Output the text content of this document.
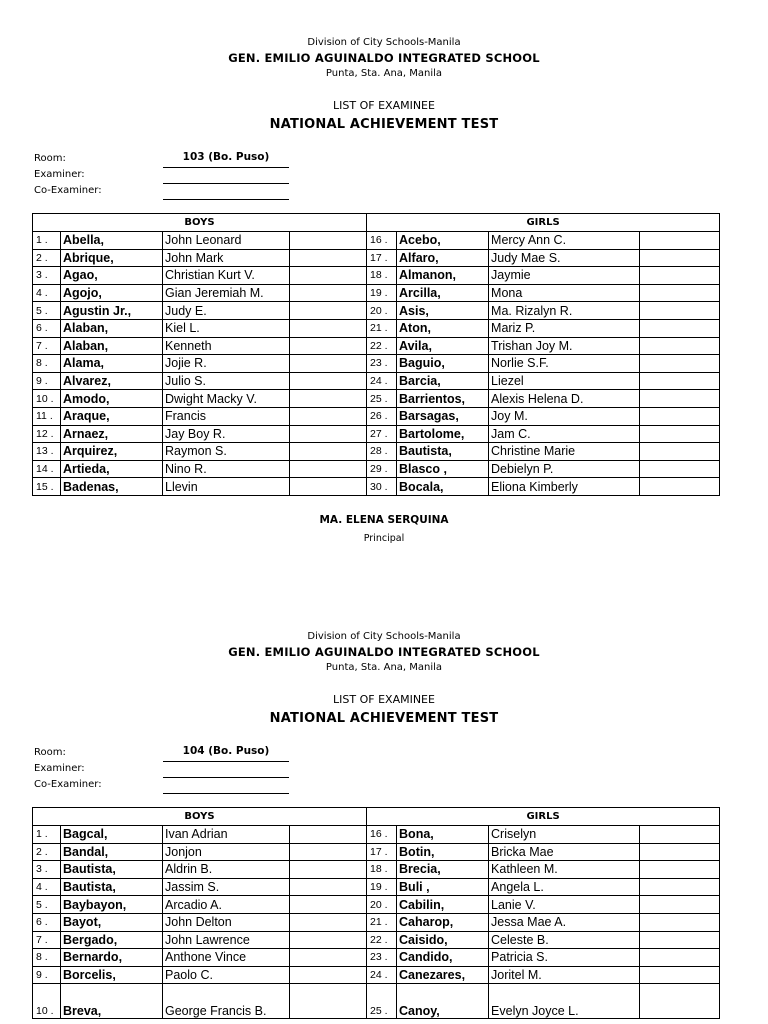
Division of City Schools-Manila
GEN. EMILIO AGUINALDO INTEGRATED SCHOOL
Punta, Sta. Ana, Manila
LIST OF EXAMINEE
NATIONAL ACHIEVEMENT TEST
Room:	103 (Bo. Puso)
Examiner:
Co-Examiner:
BOYS				GIRLS			
1 .	Abella,	John Leonard		16 .	Acebo,	Mercy Ann C.	
2 .	Abrique,	John Mark		17 .	Alfaro,	Judy Mae S.	
3 .	Agao,	Christian Kurt V.		18 .	Almanon,	Jaymie	
4 .	Agojo,	Gian Jeremiah M.		19 .	Arcilla,	Mona	
5 .	Agustin Jr.,	Judy E.		20 .	Asis,	Ma. Rizalyn R.	
6 .	Alaban,	Kiel L.		21 .	Aton,	Mariz P.	
7 .	Alaban,	Kenneth		22 .	Avila,	Trishan Joy M.	
8 .	Alama,	Jojie R.		23 .	Baguio,	Norlie S.F.	
9 .	Alvarez,	Julio S.		24 .	Barcia,	Liezel	
10 .	Amodo,	Dwight Macky V.		25 .	Barrientos,	Alexis Helena D.	
11 .	Araque,	Francis		26 .	Barsagas,	Joy M.	
12 .	Arnaez,	Jay Boy R.		27 .	Bartolome,	Jam C.	
13 .	Arquirez,	Raymon S.		28 .	Bautista,	Christine Marie	
14 .	Artieda,	Nino R.		29 .	Blasco ,	Debielyn P.	
15 .	Badenas,	Llevin		30 .	Bocala,	Eliona Kimberly	
MA. ELENA SERQUINA
Principal
Division of City Schools-Manila
GEN. EMILIO AGUINALDO INTEGRATED SCHOOL
Punta, Sta. Ana, Manila
LIST OF EXAMINEE
NATIONAL ACHIEVEMENT TEST
Room:	104 (Bo. Puso)
Examiner:
Co-Examiner:
BOYS				GIRLS			
1 .	Bagcal,	Ivan Adrian		16 .	Bona,	Criselyn	
2 .	Bandal,	Jonjon		17 .	Botin,	Bricka Mae	
3 .	Bautista,	Aldrin B.		18 .	Brecia,	Kathleen M.	
4 .	Bautista,	Jassim S.		19 .	Buli ,	Angela L.	
5 .	Baybayon,	Arcadio A.		20 .	Cabilin,	Lanie V.	
6 .	Bayot,	John Delton		21 .	Caharop,	Jessa Mae A.	
7 .	Bergado,	John Lawrence		22 .	Caisido,	Celeste B.	
8 .	Bernardo,	Anthone Vince		23 .	Candido,	Patricia S.	
9 .	Borcelis,	Paolo C.		24 .	Canezares,	Joritel M.	
10 .	Breva,	George Francis B.		25 .	Canoy,	Evelyn Joyce L.	
